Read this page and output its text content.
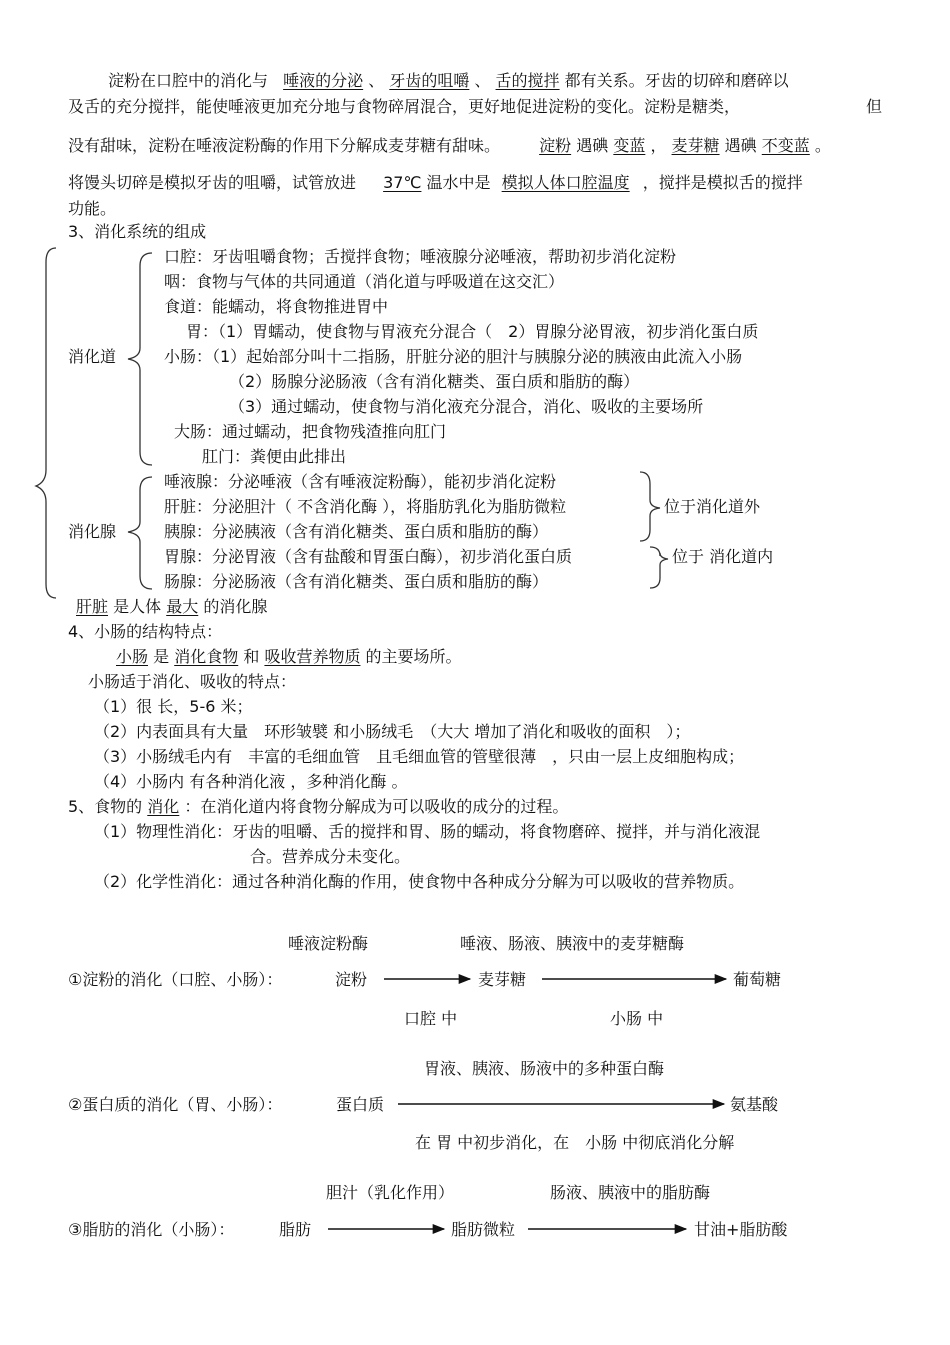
淀粉在口腔中的消化与 唾液的分泌 、 牙齿的咀嚼 、 舌的搅拌 都有关系。牙齿的切碎和磨碎以
及舌的充分搅拌，能使唾液更加充分地与食物碎屑混合，更好地促进淀粉的变化。淀粉是糖类，	但
没有甜味，淀粉在唾液淀粉酶的作用下分解成麦芽糖有甜味。 淀粉 遇碘 变蓝 ， 麦芽糖 遇碘 不变蓝 。
将馒头切碎是模拟牙齿的咀嚼，试管放进 37℃ 温水中是 模拟人体口腔温度 ，搅拌是模拟舌的搅拌
功能。
3、消化系统的组成
消化道
口腔：牙齿咀嚼食物；舌搅拌食物；唾液腺分泌唾液，帮助初步消化淀粉
咽：食物与气体的共同通道（消化道与呼吸道在这交汇）
食道：能蠕动，将食物推进胃中
胃：（1）胃蠕动，使食物与胃液充分混合（　2）胃腺分泌胃液，初步消化蛋白质
小肠：（1）起始部分叫十二指肠，肝脏分泌的胆汁与胰腺分泌的胰液由此流入小肠
（2）肠腺分泌肠液（含有消化糖类、蛋白质和脂肪的酶）
（3）通过蠕动，使食物与消化液充分混合，消化、吸收的主要场所
大肠：通过蠕动，把食物残渣推向肛门
肛门：粪便由此排出
消化腺
唾液腺：分泌唾液（含有唾液淀粉酶），能初步消化淀粉
肝脏：分泌胆汁（ 不含消化酶 ），将脂肪乳化为脂肪微粒
胰腺：分泌胰液（含有消化糖类、蛋白质和脂肪的酶）
胃腺：分泌胃液（含有盐酸和胃蛋白酶），初步消化蛋白质
肠腺：分泌肠液（含有消化糖类、蛋白质和脂肪的酶）
位于消化道外
位于 消化道内
肝脏 是人体 最大 的消化腺
4、小肠的结构特点：
小肠 是 消化食物 和 吸收营养物质 的主要场所。
小肠适于消化、吸收的特点：
（1）很 长，5-6 米；
（2）内表面具有大量　环形皱襞 和小肠绒毛　（大大 增加了消化和吸收的面积　）；
（3）小肠绒毛内有　丰富的毛细血管　且毛细血管的管壁很薄　，只由一层上皮细胞构成；
（4）小肠内 有各种消化液 ，多种消化酶 。
5、食物的 消化 ：在消化道内将食物分解成为可以吸收的成分的过程。
（1）物理性消化：牙齿的咀嚼、舌的搅拌和胃、肠的蠕动，将食物磨碎、搅拌，并与消化液混
合。营养成分未变化。
（2）化学性消化：通过各种消化酶的作用，使食物中各种成分分解为可以吸收的营养物质。
唾液淀粉酶	唾液、肠液、胰液中的麦芽糖酶
①淀粉的消化（口腔、小肠）：	淀粉	麦芽糖	葡萄糖
口腔 中	小肠 中
胃液、胰液、肠液中的多种蛋白酶
②蛋白质的消化（胃、小肠）：	蛋白质	氨基酸
在 胃 中初步消化，在　小肠 中彻底消化分解
胆汁（乳化作用）	肠液、胰液中的脂肪酶
③脂肪的消化（小肠）：	脂肪	脂肪微粒	甘油+脂肪酸
